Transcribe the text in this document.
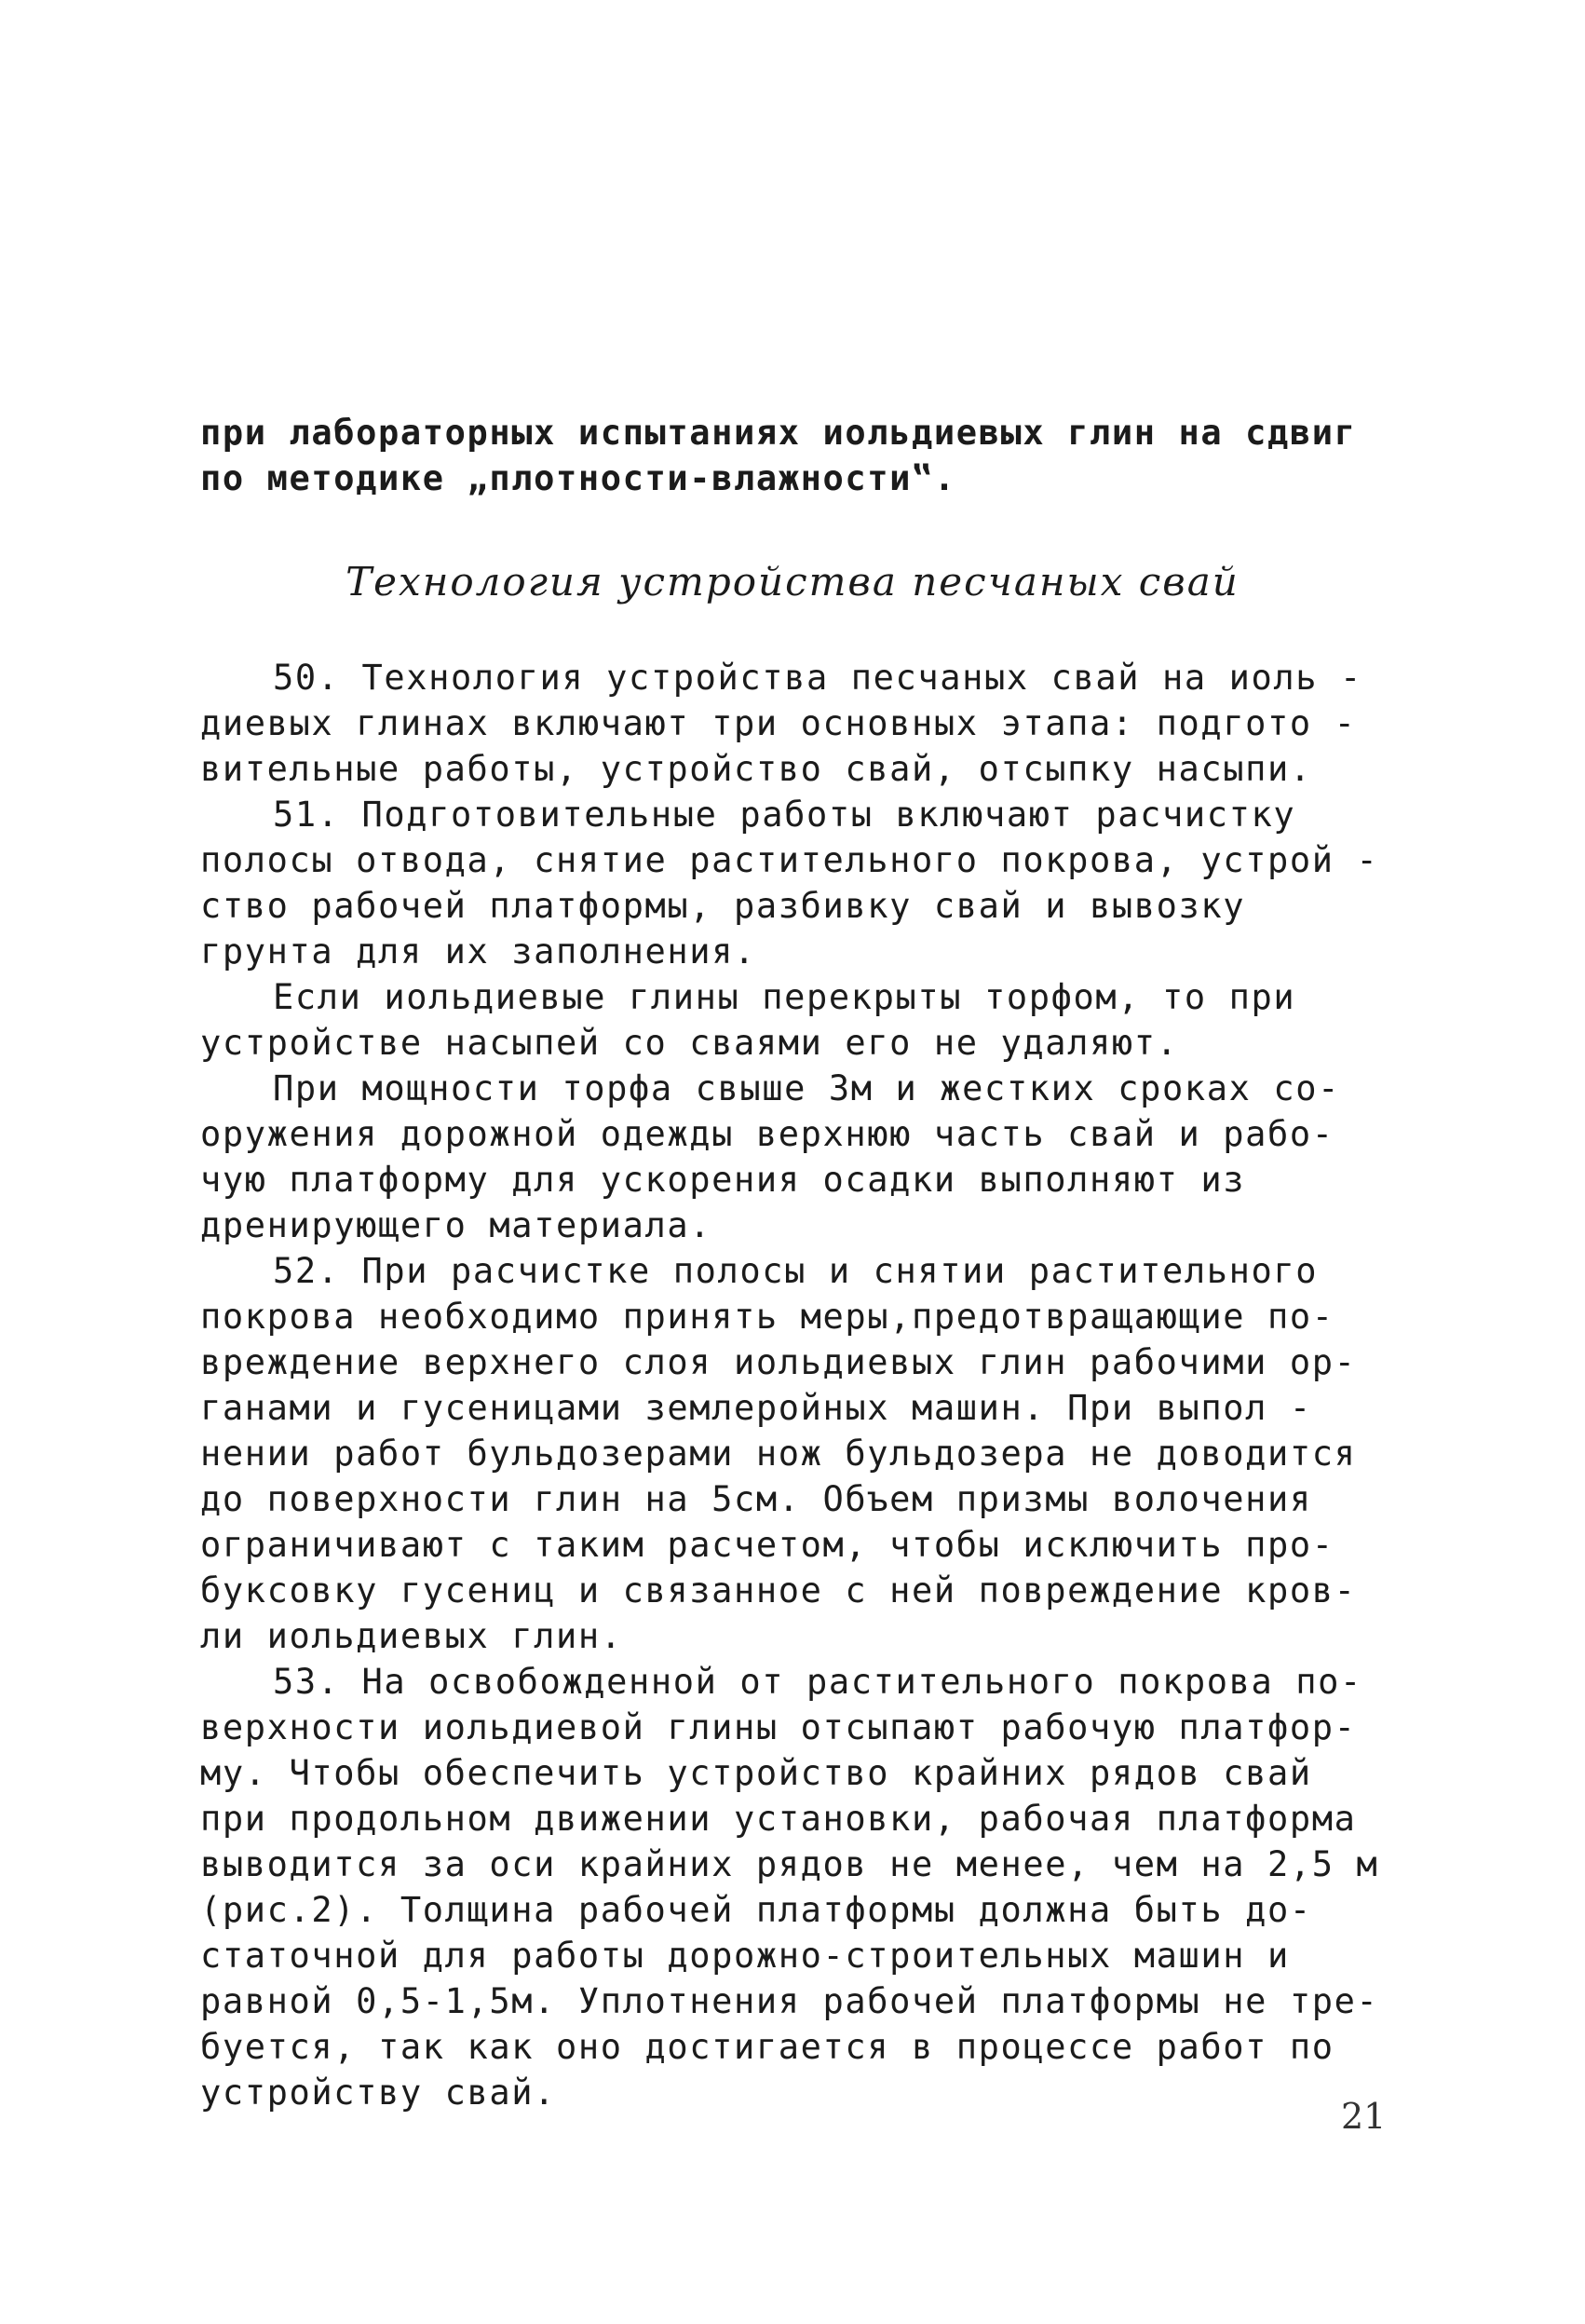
при лабораторных испытаниях иольдиевых глин на сдвиг
по методике „плотности-влажности‟.
Технология устройства песчаных свай
50. Технология устройства песчаных свай на иоль -
диевых глинах включают три основных этапа: подгото -
вительные работы, устройство свай, отсыпку насыпи.
51. Подготовительные работы включают расчистку
полосы отвода, снятие растительного покрова, устрой -
ство рабочей платформы, разбивку свай и вывозку
грунта для их заполнения.
Если иольдиевые глины перекрыты торфом, то при
устройстве насыпей со сваями его не удаляют.
При мощности торфа свыше 3м и жестких сроках со-
оружения дорожной одежды верхнюю часть свай и рабо-
чую платформу для ускорения осадки выполняют из
дренирующего материала.
52. При расчистке полосы и снятии растительного
покрова необходимо принять меры,предотвращающие по-
вреждение верхнего слоя иольдиевых глин рабочими ор-
ганами и гусеницами землеройных машин. При выпол -
нении работ бульдозерами нож бульдозера не доводится
до поверхности глин на 5см. Объем призмы волочения
ограничивают с таким расчетом, чтобы исключить про-
буксовку гусениц и связанное с ней повреждение кров-
ли иольдиевых глин.
53. На освобожденной от растительного покрова по-
верхности иольдиевой глины отсыпают рабочую платфор-
му. Чтобы обеспечить устройство крайних рядов свай
при продольном движении установки, рабочая платформа
выводится за оси крайних рядов не менее, чем на 2,5 м
(рис.2). Толщина рабочей платформы должна быть до-
статочной для работы дорожно-строительных машин и
равной 0,5-1,5м. Уплотнения рабочей платформы не тре-
буется, так как оно достигается в процессе работ по
устройству свай.
21
